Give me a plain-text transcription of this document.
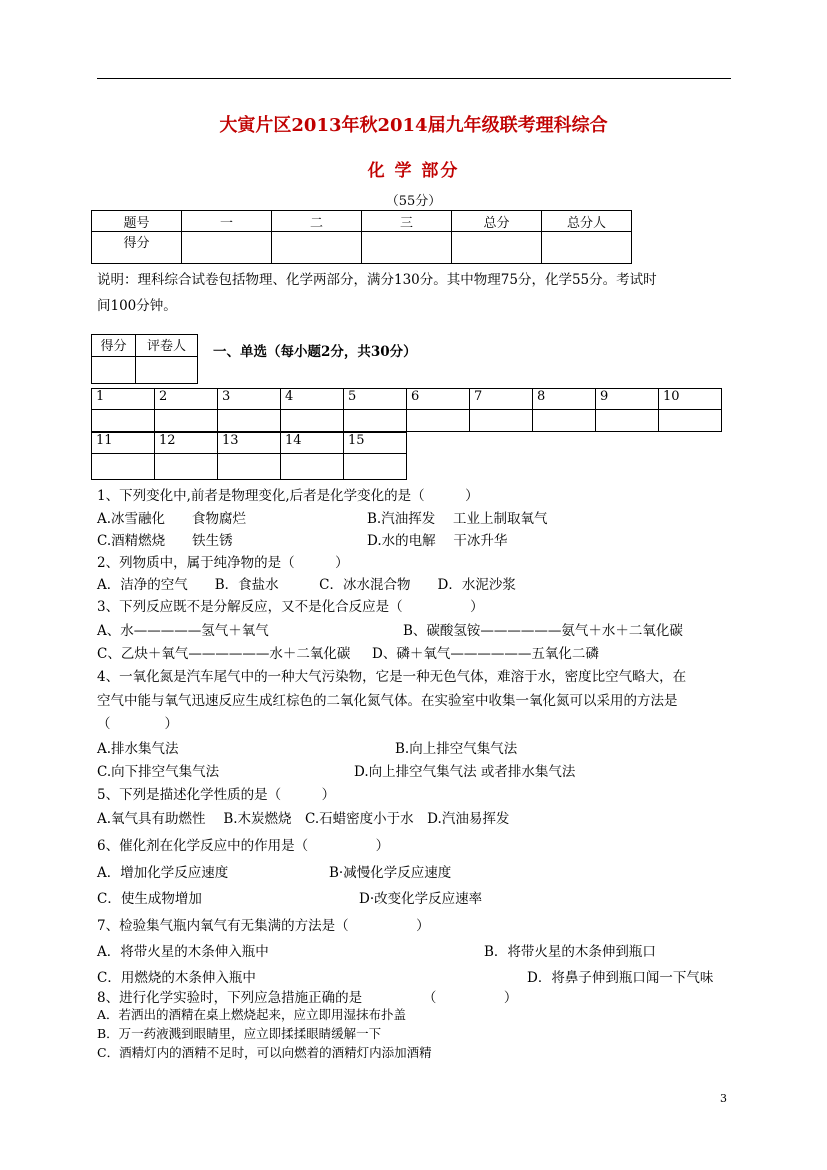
大寅片区2013年秋2014届九年级联考理科综合
化 学 部分
（55分）
题号	一	二	三	总分	总分人
得分					
说明：理科综合试卷包括物理、化学两部分，满分130分。其中物理75分，化学55分。考试时
间100分钟。
得分	评卷人
	一、单选（每小题2分，共30分）
1	2	3	4	5	6	7	8	9	10

11	12	13	14	15

1、下列变化中,前者是物理变化,后者是化学变化的是（　　　）
A.冰雪融化　　食物腐烂	B.汽油挥发　 工业上制取氧气
C.酒精燃烧　　铁生锈	D.水的电解　 干冰升华
2、列物质中，属于纯净物的是（　　　）
A．洁净的空气　　B．食盐水　　　C．冰水混合物　　D．水泥沙浆
3、下列反应既不是分解反应，又不是化合反应是（　　　　　）
A、水—————氢气＋氧气	B、碳酸氢铵——————氨气＋水＋二氧化碳
C、乙炔＋氧气——————水＋二氧化碳 D、磷＋氧气——————五氧化二磷
4、一氧化氮是汽车尾气中的一种大气污染物，它是一种无色气体，难溶于水，密度比空气略大，在
空气中能与氧气迅速反应生成红棕色的二氧化氮气体。在实验室中收集一氧化氮可以采用的方法是
（　　　　）
A.排水集气法	B.向上排空气集气法
C.向下排空气集气法	D.向上排空气集气法 或者排水集气法
5、下列是描述化学性质的是（　　　）
A.氧气具有助燃性　 B.木炭燃烧　C.石蜡密度小于水　D.汽油易挥发
6、催化剂在化学反应中的作用是（　　　　　）
A．增加化学反应速度	B·减慢化学反应速度
C．使生成物增加	D·改变化学反应速率
7、检验集气瓶内氧气有无集满的方法是（　　　　　）
A．将带火星的木条伸入瓶中	B．将带火星的木条伸到瓶口
C．用燃烧的木条伸入瓶中	D．将鼻子伸到瓶口闻一下气味
8、进行化学实验时，下列应急措施正确的是　　　　　（　　　　　）
A．若洒出的酒精在桌上燃烧起来，应立即用湿抹布扑盖
B．万一药液溅到眼睛里，应立即揉揉眼睛缓解一下
C．酒精灯内的酒精不足时，可以向燃着的酒精灯内添加酒精
3
